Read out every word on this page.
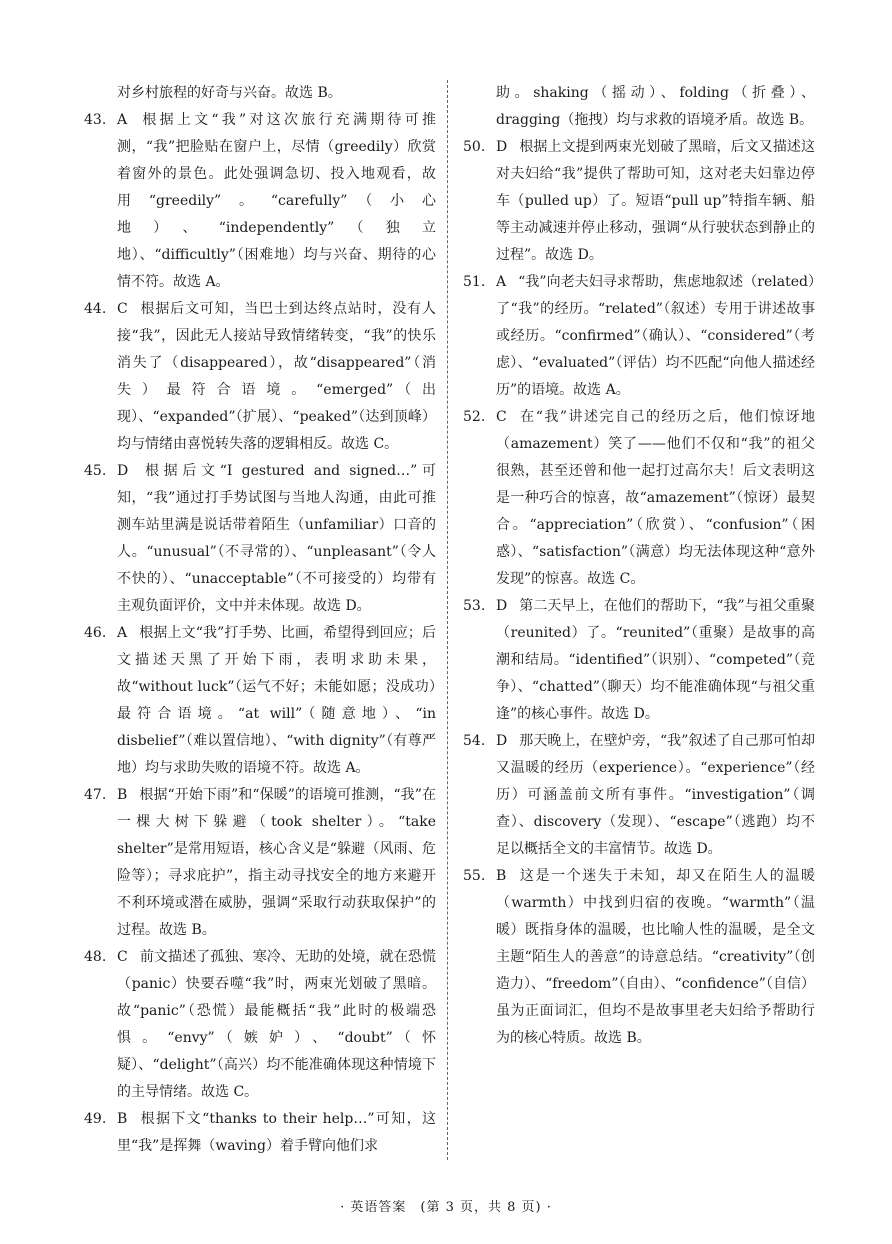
对乡村旅程的好奇与兴奋。故选 B。

43. A 根据上文“我”对这次旅行充满期待可推测，“我”把脸贴在窗户上，尽情（greedily）欣赏着窗外的景色。此处强调急切、投入地观看，故用“greedily”。“carefully”（小心地）、“independently”（独立地）、“difficultly”（困难地）均与兴奋、期待的心情不符。故选 A。

44. C 根据后文可知，当巴士到达终点站时，没有人接“我”，因此无人接站导致情绪转变，“我”的快乐消失了（disappeared），故“disappeared”（消失）最符合语境。“emerged”（出现）、“expanded”（扩展）、“peaked”（达到顶峰）均与情绪由喜悦转失落的逻辑相反。故选 C。

45. D 根据后文“I gestured and signed…”可知，“我”通过打手势试图与当地人沟通，由此可推测车站里满是说话带着陌生（unfamiliar）口音的人。“unusual”（不寻常的）、“unpleasant”（令人不快的）、“unacceptable”（不可接受的）均带有主观负面评价，文中并未体现。故选 D。

46. A 根据上文“我”打手势、比画，希望得到回应；后文描述天黑了开始下雨，表明求助未果，故“without luck”（运气不好；未能如愿；没成功）最符合语境。“at will”（随意地）、“in disbelief”（难以置信地）、“with dignity”（有尊严地）均与求助失败的语境不符。故选 A。

47. B 根据“开始下雨”和“保暖”的语境可推测，“我”在一棵大树下躲避（took shelter）。“take shelter”是常用短语，核心含义是“躲避（风雨、危险等）；寻求庇护”，指主动寻找安全的地方来避开不利环境或潜在威胁，强调“采取行动获取保护”的过程。故选 B。

48. C 前文描述了孤独、寒冷、无助的处境，就在恐慌（panic）快要吞噬“我”时，两束光划破了黑暗。故“panic”（恐慌）最能概括“我”此时的极端恐惧。“envy”（嫉妒）、“doubt”（怀疑）、“delight”（高兴）均不能准确体现这种情境下的主导情绪。故选 C。

49. B 根据下文“thanks to their help…”可知，这里“我”是挥舞（waving）着手臂向他们求

助。shaking（摇动）、folding（折叠）、dragging（拖拽）均与求救的语境矛盾。故选 B。

50. D 根据上文提到两束光划破了黑暗，后文又描述这对夫妇给“我”提供了帮助可知，这对老夫妇靠边停车（pulled up）了。短语“pull up”特指车辆、船等主动减速并停止移动，强调“从行驶状态到静止的过程”。故选 D。

51. A “我”向老夫妇寻求帮助，焦虑地叙述（related）了“我”的经历。“related”（叙述）专用于讲述故事或经历。“confirmed”（确认）、“considered”（考虑）、“evaluated”（评估）均不匹配“向他人描述经历”的语境。故选 A。

52. C 在“我”讲述完自己的经历之后，他们惊讶地（amazement）笑了——他们不仅和“我”的祖父很熟，甚至还曾和他一起打过高尔夫！后文表明这是一种巧合的惊喜，故“amazement”（惊讶）最契合。“appreciation”（欣赏）、“confusion”（困惑）、“satisfaction”（满意）均无法体现这种“意外发现”的惊喜。故选 C。

53. D 第二天早上，在他们的帮助下，“我”与祖父重聚（reunited）了。“reunited”（重聚）是故事的高潮和结局。“identified”（识别）、“competed”（竞争）、“chatted”（聊天）均不能准确体现“与祖父重逢”的核心事件。故选 D。

54. D 那天晚上，在壁炉旁，“我”叙述了自己那可怕却又温暖的经历（experience）。“experience”（经历）可涵盖前文所有事件。“investigation”（调查）、discovery（发现）、“escape”（逃跑）均不足以概括全文的丰富情节。故选 D。

55. B 这是一个迷失于未知，却又在陌生人的温暖（warmth）中找到归宿的夜晚。“warmth”（温暖）既指身体的温暖，也比喻人性的温暖，是全文主题“陌生人的善意”的诗意总结。“creativity”（创造力）、“freedom”（自由）、“confidence”（自信）虽为正面词汇，但均不是故事里老夫妇给予帮助行为的核心特质。故选 B。

· 英语答案　(第 3 页，共 8 页) ·
